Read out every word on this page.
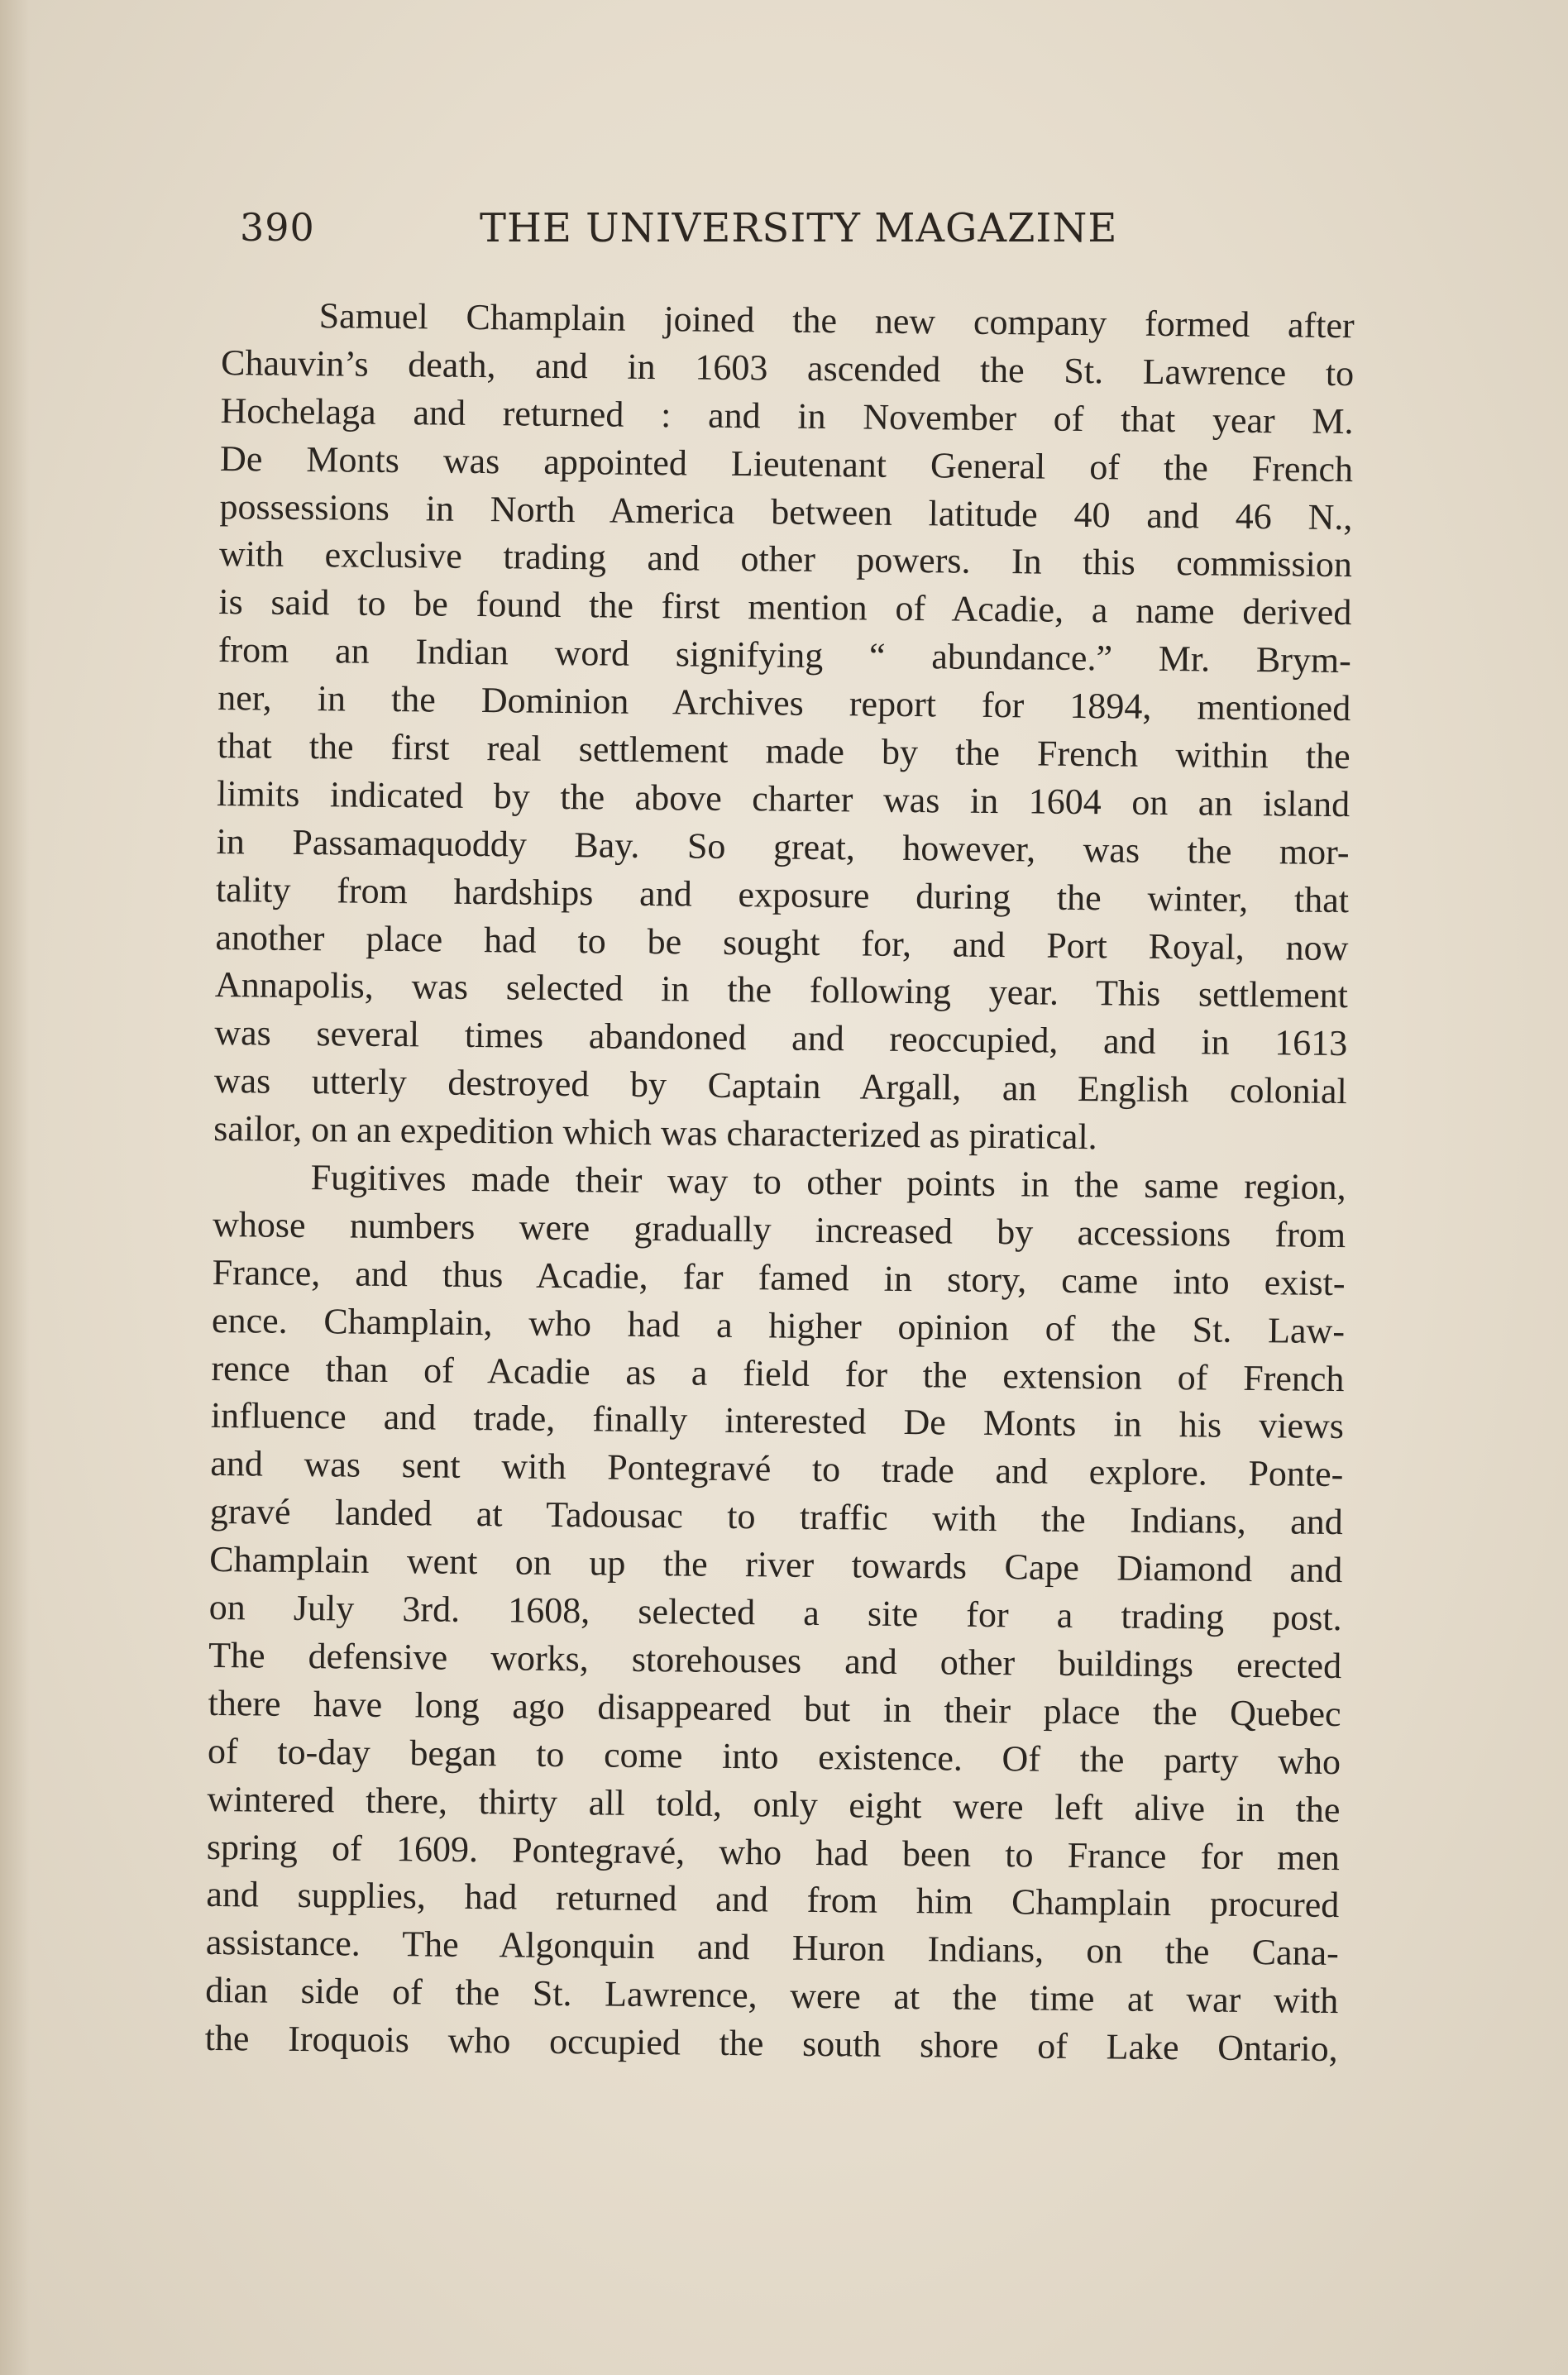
390	THE UNIVERSITY MAGAZINE
Samuel Champlain joined the new company formed after
Chauvin’s death, and in 1603 ascended the St. Lawrence to
Hochelaga and returned : and in November of that year M.
De Monts was appointed Lieutenant General of the French
possessions in North America between latitude 40 and 46 N.,
with exclusive trading and other powers. In this commission
is said to be found the first mention of Acadie, a name derived
from an Indian word signifying “ abundance.” Mr. Brym-
ner, in the Dominion Archives report for 1894, mentioned
that the first real settlement made by the French within the
limits indicated by the above charter was in 1604 on an island
in Passamaquoddy Bay. So great, however, was the mor-
tality from hardships and exposure during the winter, that
another place had to be sought for, and Port Royal, now
Annapolis, was selected in the following year. This settlement
was several times abandoned and reoccupied, and in 1613
was utterly destroyed by Captain Argall, an English colonial
sailor, on an expedition which was characterized as piratical.
Fugitives made their way to other points in the same region,
whose numbers were gradually increased by accessions from
France, and thus Acadie, far famed in story, came into exist-
ence. Champlain, who had a higher opinion of the St. Law-
rence than of Acadie as a field for the extension of French
influence and trade, finally interested De Monts in his views
and was sent with Pontegravé to trade and explore. Ponte-
gravé landed at Tadousac to traffic with the Indians, and
Champlain went on up the river towards Cape Diamond and
on July 3rd. 1608, selected a site for a trading post.
The defensive works, storehouses and other buildings erected
there have long ago disappeared but in their place the Quebec
of to-day began to come into existence. Of the party who
wintered there, thirty all told, only eight were left alive in the
spring of 1609. Pontegravé, who had been to France for men
and supplies, had returned and from him Champlain procured
assistance. The Algonquin and Huron Indians, on the Cana-
dian side of the St. Lawrence, were at the time at war with
the Iroquois who occupied the south shore of Lake Ontario,
